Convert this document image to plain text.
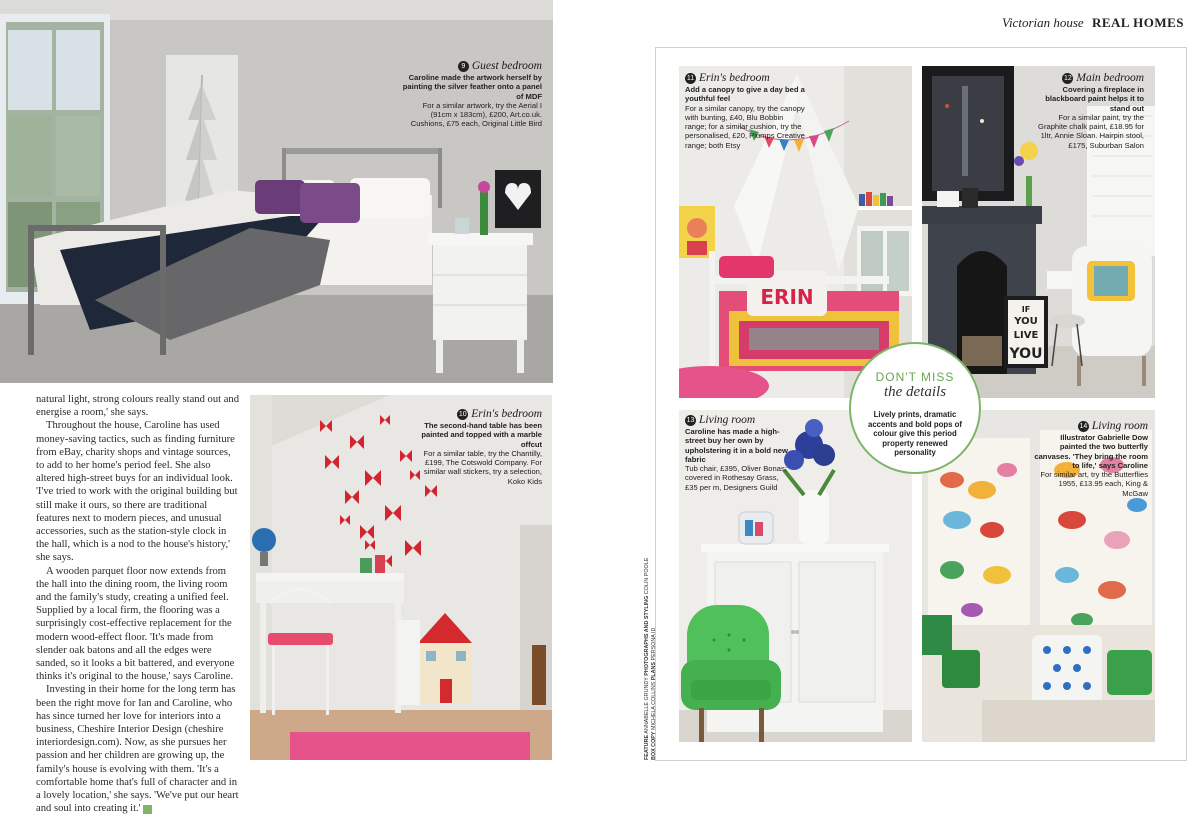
Victorian house REAL HOMES
9 Guest bedroom
Caroline made the artwork herself by painting the silver feather onto a panel of MDF
For a similar artwork, try the Aerial I (91cm x 183cm), £200, Art.co.uk. Cushions, £75 each, Original Little Bird

natural light, strong colours really stand out and energise a room,' she says.

Throughout the house, Caroline has used money-saving tactics, such as finding furniture from eBay, charity shops and vintage sources, to add to her home's period feel. She also altered high-street buys for an individual look. 'I've tried to work with the original building but still make it ours, so there are traditional features next to modern pieces, and unusual accessories, such as the station-style clock in the hall, which is a nod to the house's history,' she says.

A wooden parquet floor now extends from the hall into the dining room, the living room and the family's study, creating a unified feel. Supplied by a local firm, the flooring was a surprisingly cost-effective replacement for the modern wood-effect floor. 'It's made from slender oak batons and all the edges were sanded, so it looks a bit battered, and everyone thinks it's original to the house,' says Caroline.

Investing in their home for the long term has been the right move for Ian and Caroline, who has since turned her love for interiors into a business, Cheshire Interior Design (cheshire interiordesign.com). Now, as she pursues her passion and her children are growing up, the family's house is evolving with them. 'It's a comfortable home that's full of character and in a lovely location,' she says. 'We've put our heart and soul into creating it.'	RH

10 Erin's bedroom
The second-hand table has been painted and topped with a marble offcut
For a similar table, try the Chantilly, £199, The Cotswold Company. For similar wall stickers, try a selection, Koko Kids
ERIN
11 Erin's bedroom
Add a canopy to give a day bed a youthful feel
For a similar canopy, try the canopy with bunting, £40, Blu Bobbin range; for a similar cushion, try the personalised, £20, Plumps Creative range; both Etsy
IF
YOU
LIVE
YOU
12 Main bedroom
Covering a fireplace in blackboard paint helps it to stand out
For a similar paint, try the Graphite chalk paint, £18.95 for 1ltr, Annie Sloan. Hairpin stool, £175, Suburban Salon
13 Living room
Caroline has made a high-street buy her own by upholstering it in a bold new fabric
Tub chair, £395, Oliver Bonas; covered in Rothesay Grass, £35 per m, Designers Guild
14 Living room
Illustrator Gabrielle Dow painted the two butterfly canvases. 'They bring the room to life,' says Caroline
For similar art, try the Butterflies 1955, £13.95 each, King & McGaw
DON'T MISS
the details
Lively prints, dramatic accents and bold pops of colour give this period property renewed personality
FEATURE ANNABELLE GRUNDY PHOTOGRAPHS AND STYLING COLIN POOLE
BOX COPY MICHELA COLLINS PLANS PERSONA ID
